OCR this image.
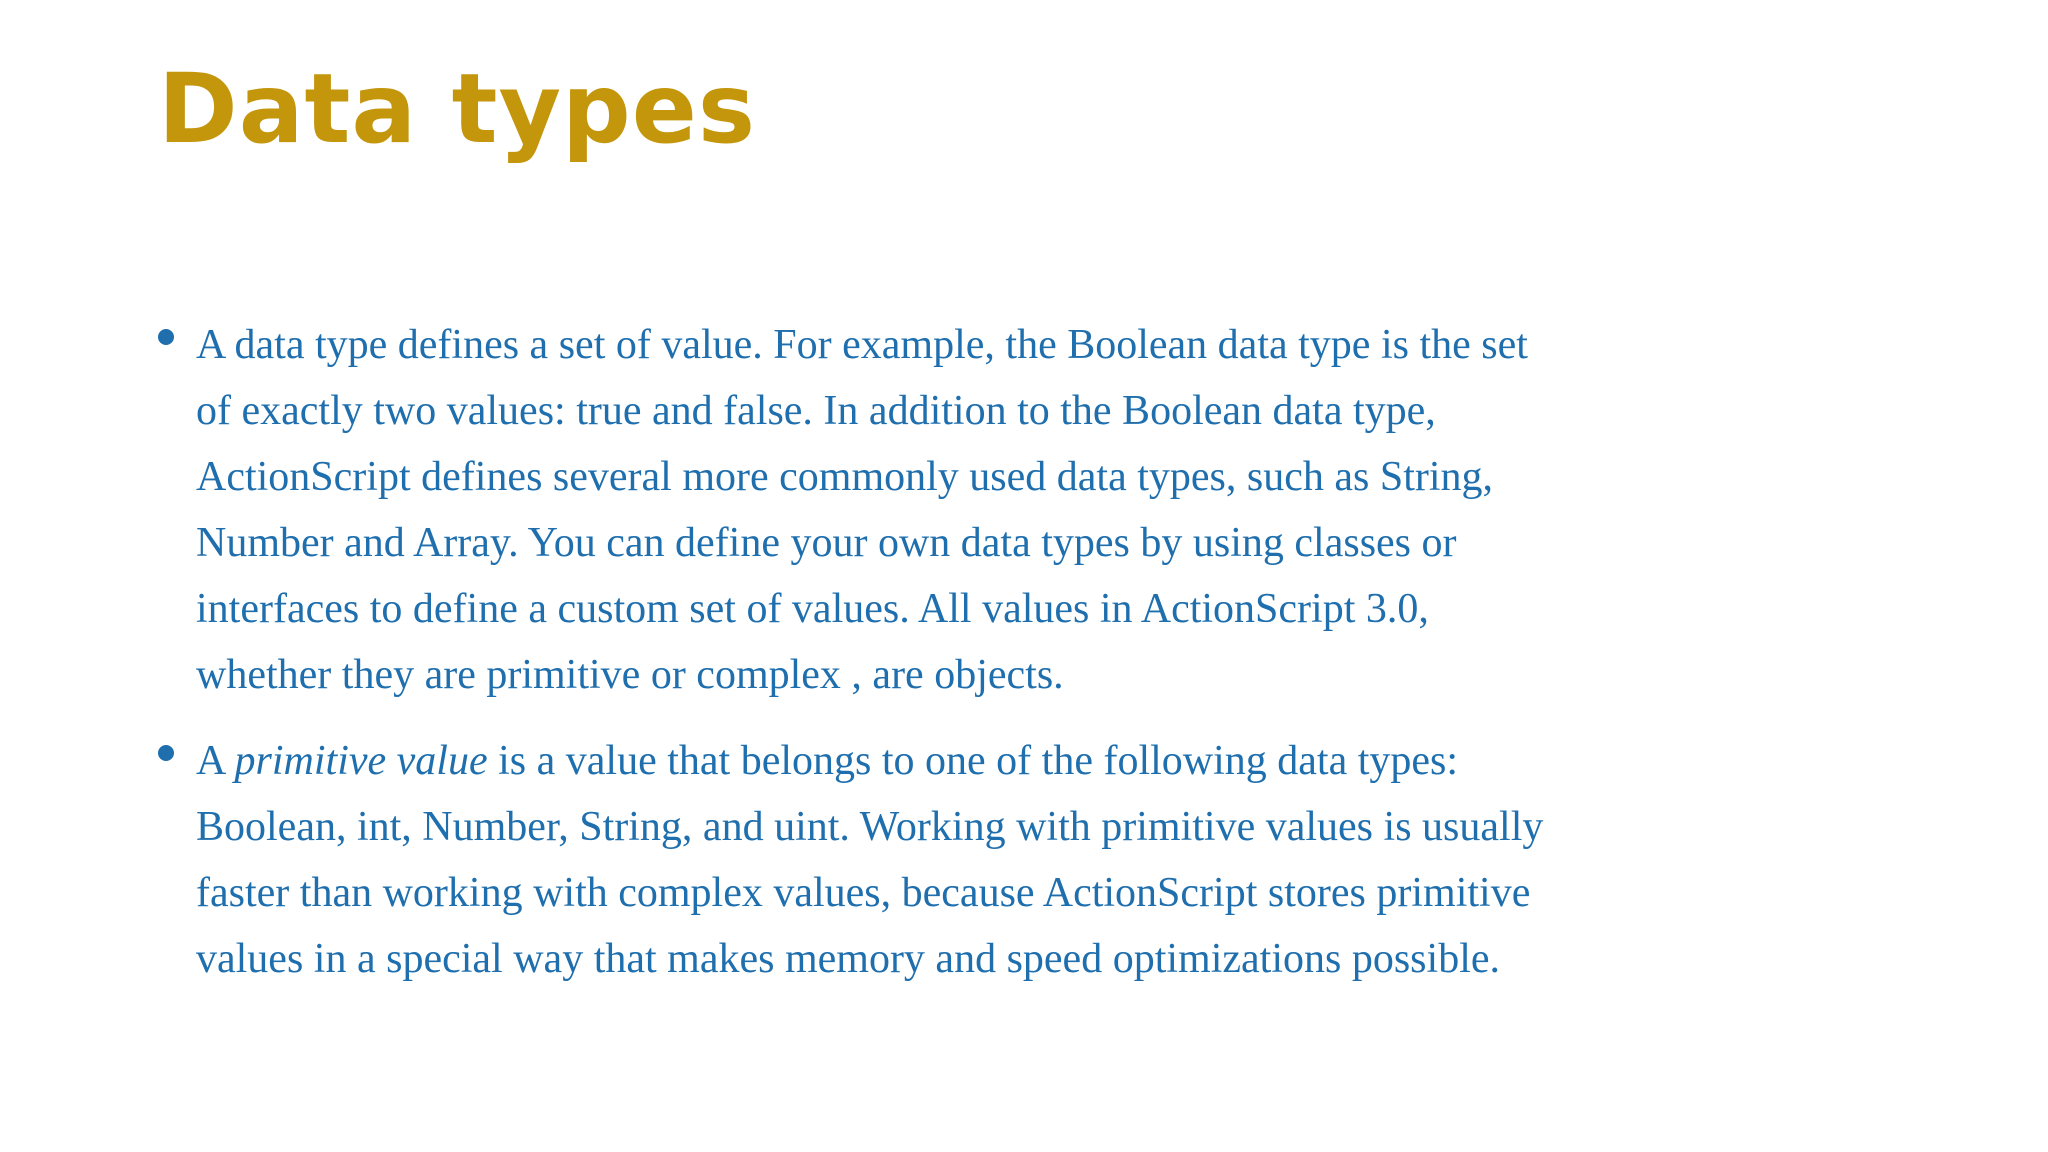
Data types
A data type defines a set of value. For example, the Boolean data type is the set
of exactly two values: true and false. In addition to the Boolean data type,
ActionScript defines several more commonly used data types, such as String,
Number and Array. You can define your own data types by using classes or
interfaces to define a custom set of values. All values in ActionScript 3.0,
whether they are primitive or complex , are objects.
A primitive value is a value that belongs to one of the following data types:
Boolean, int, Number, String, and uint. Working with primitive values is usually
faster than working with complex values, because ActionScript stores primitive
values in a special way that makes memory and speed optimizations possible.
